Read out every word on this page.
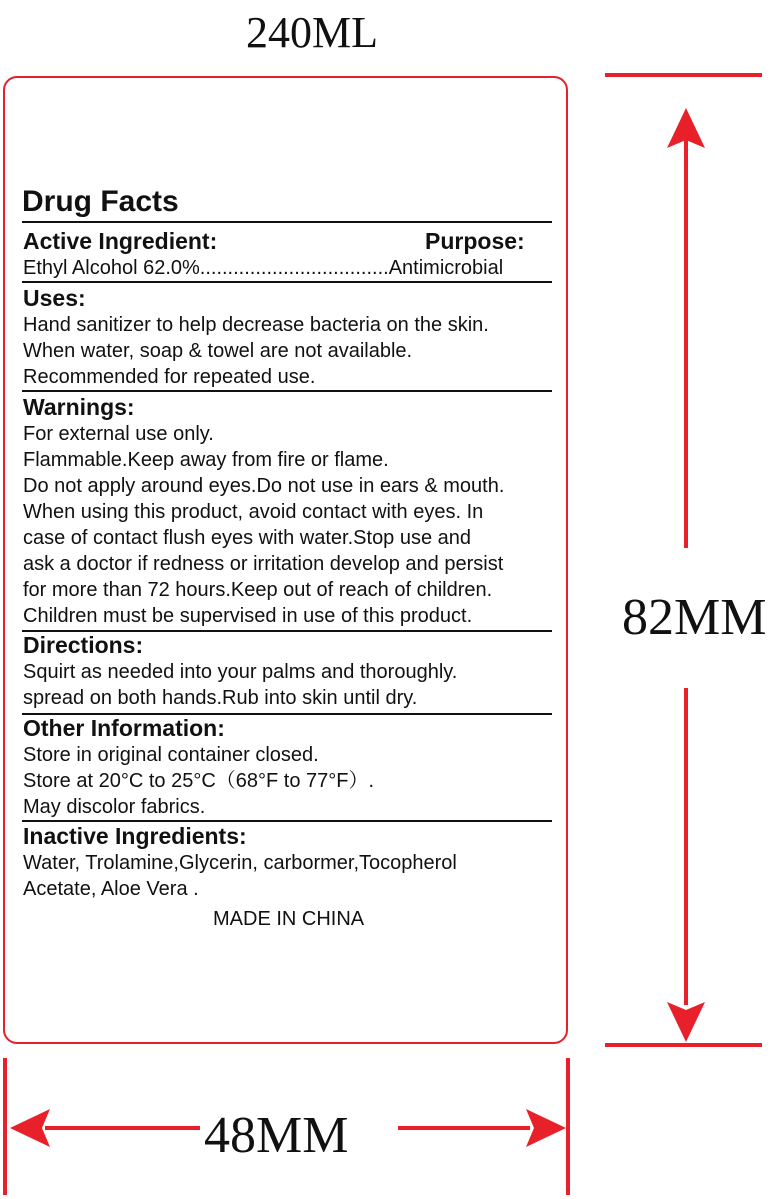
240ML
Drug Facts
Active Ingredient:	Purpose:
Ethyl Alcohol 62.0%..................................Antimicrobial
Uses:
Hand sanitizer to help decrease bacteria on the skin.
When water, soap & towel are not available.
Recommended for repeated use.
Warnings:
For external use only.
Flammable.Keep away from fire or flame.
Do not apply around eyes.Do not use in ears & mouth.
When using this product, avoid contact with eyes. In
case of contact flush eyes with water.Stop use and
ask a doctor if redness or irritation develop and persist
for more than 72 hours.Keep out of reach of children.
Children must be supervised in use of this product.
Directions:
Squirt as needed into your palms and thoroughly.
spread on both hands.Rub into skin until dry.
Other Information:
Store in original container closed.
Store at 20°C to 25°C（68°F to 77°F）.
May discolor fabrics.
Inactive Ingredients:
Water, Trolamine,Glycerin, carbormer,Tocopherol
Acetate, Aloe Vera .
MADE IN CHINA
82MM
48MM
